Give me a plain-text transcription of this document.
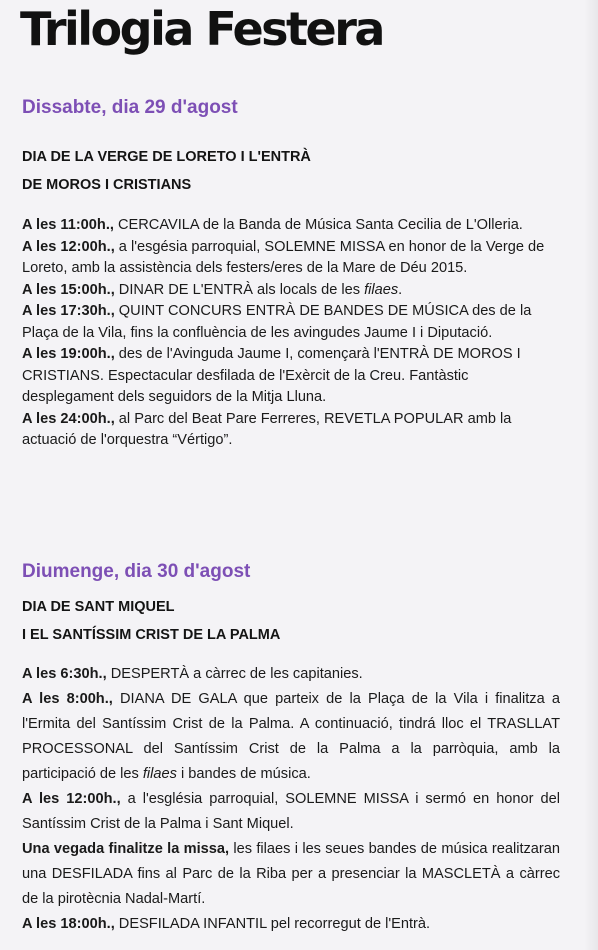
Trilogia Festera
Dissabte, dia 29 d'agost
DIA DE LA VERGE DE LORETO I L'ENTRÀ
DE MOROS I CRISTIANS

A les 11:00h., CERCAVILA de la Banda de Música Santa Cecilia de L'Olleria.

A les 12:00h., a l'esgésia parroquial, SOLEMNE MISSA en honor de la Verge de Loreto, amb la assistència dels festers/eres de la Mare de Déu 2015.

A les 15:00h., DINAR DE L'ENTRÀ als locals de les filaes.

A les 17:30h., QUINT CONCURS ENTRÀ DE BANDES DE MÚSICA des de la Plaça de la Vila, fins la confluència de les avingudes Jaume I i Diputació.

A les 19:00h., des de l'Avinguda Jaume I, començarà l'ENTRÀ DE MOROS I CRISTIANS. Espectacular desfilada de l'Exèrcit de la Creu. Fantàstic desplegament dels seguidors de la Mitja Lluna.

A les 24:00h., al Parc del Beat Pare Ferreres, REVETLA POPULAR amb la actuació de l'orquestra “Vértigo”.

Diumenge, dia 30 d'agost
DIA DE SANT MIQUEL
I EL SANTÍSSIM CRIST DE LA PALMA

A les 6:30h., DESPERTÀ a càrrec de les capitanies.

A les 8:00h., DIANA DE GALA que parteix de la Plaça de la Vila i finalitza a l'Ermita del Santíssim Crist de la Palma. A continuació, tindrá lloc el TRASLLAT PROCESSONAL del Santíssim Crist de la Palma a la parròquia, amb la participació de les filaes i bandes de música.

A les 12:00h., a l'església parroquial, SOLEMNE MISSA i sermó en honor del Santíssim Crist de la Palma i Sant Miquel.

Una vegada finalitze la missa, les filaes i les seues bandes de música realitzaran una DESFILADA fins al Parc de la Riba per a presenciar la MASCLETÀ a càrrec de la pirotècnia Nadal-Martí.

A les 18:00h., DESFILADA INFANTIL pel recorregut de l'Entrà.
